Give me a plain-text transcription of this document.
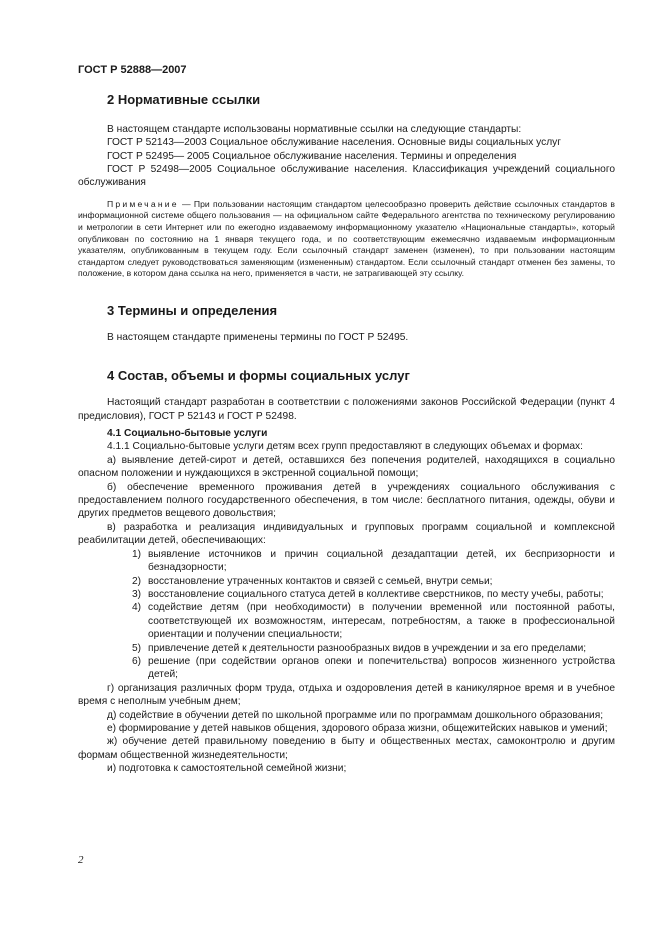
ГОСТ Р 52888—2007
2 Нормативные ссылки

В настоящем стандарте использованы нормативные ссылки на следующие стандарты:

ГОСТ Р 52143—2003 Социальное обслуживание населения. Основные виды социальных услуг

ГОСТ Р 52495— 2005 Социальное обслуживание населения. Термины и определения

ГОСТ Р 52498—2005 Социальное обслуживание населения. Классификация учреждений социального обслуживания

Примечание — При пользовании настоящим стандартом целесообразно проверить действие ссылочных стандартов в информационной системе общего пользования — на официальном сайте Федерального агентства по техническому регулированию и метрологии в сети Интернет или по ежегодно издаваемому информационному указателю «Национальные стандарты», который опубликован по состоянию на 1 января текущего года, и по соответствующим ежемесячно издаваемым информационным указателям, опубликованным в текущем году. Если ссылочный стандарт заменен (изменен), то при пользовании настоящим стандартом следует руководствоваться заменяющим (измененным) стандартом. Если ссылочный стандарт отменен без замены, то положение, в котором дана ссылка на него, применяется в части, не затрагивающей эту ссылку.

3 Термины и определения

В настоящем стандарте применены термины по ГОСТ Р 52495.

4 Состав, объемы и формы социальных услуг

Настоящий стандарт разработан в соответствии с положениями законов Российской Федерации (пункт 4 предисловия), ГОСТ Р 52143 и ГОСТ Р 52498.

4.1 Социально-бытовые услуги

4.1.1 Социально-бытовые услуги детям всех групп предоставляют в следующих объемах и формах:

а) выявление детей-сирот и детей, оставшихся без попечения родителей, находящихся в социально опасном положении и нуждающихся в экстренной социальной помощи;

б) обеспечение временного проживания детей в учреждениях социального обслуживания с предоставлением полного государственного обеспечения, в том числе: бесплатного питания, одежды, обуви и других предметов вещевого довольствия;

в) разработка и реализация индивидуальных и групповых программ социальной и комплексной реабилитации детей, обеспечивающих:

1) выявление источников и причин социальной дезадаптации детей, их беспризорности и безнадзорности;
2) восстановление утраченных контактов и связей с семьей, внутри семьи;
3) восстановление социального статуса детей в коллективе сверстников, по месту учебы, работы;
4) содействие детям (при необходимости) в получении временной или постоянной работы, соответствующей их возможностям, интересам, потребностям, а также в профессиональной ориентации и получении специальности;
5) привлечение детей к деятельности разнообразных видов в учреждении и за его пределами;
6) решение (при содействии органов опеки и попечительства) вопросов жизненного устройства детей;

г) организация различных форм труда, отдыха и оздоровления детей в каникулярное время и в учебное время с неполным учебным днем;

д) содействие в обучении детей по школьной программе или по программам дошкольного образования;

е) формирование у детей навыков общения, здорового образа жизни, общежитейских навыков и умений;

ж) обучение детей правильному поведению в быту и общественных местах, самоконтролю и другим формам общественной жизнедеятельности;

и) подготовка к самостоятельной семейной жизни;

2
